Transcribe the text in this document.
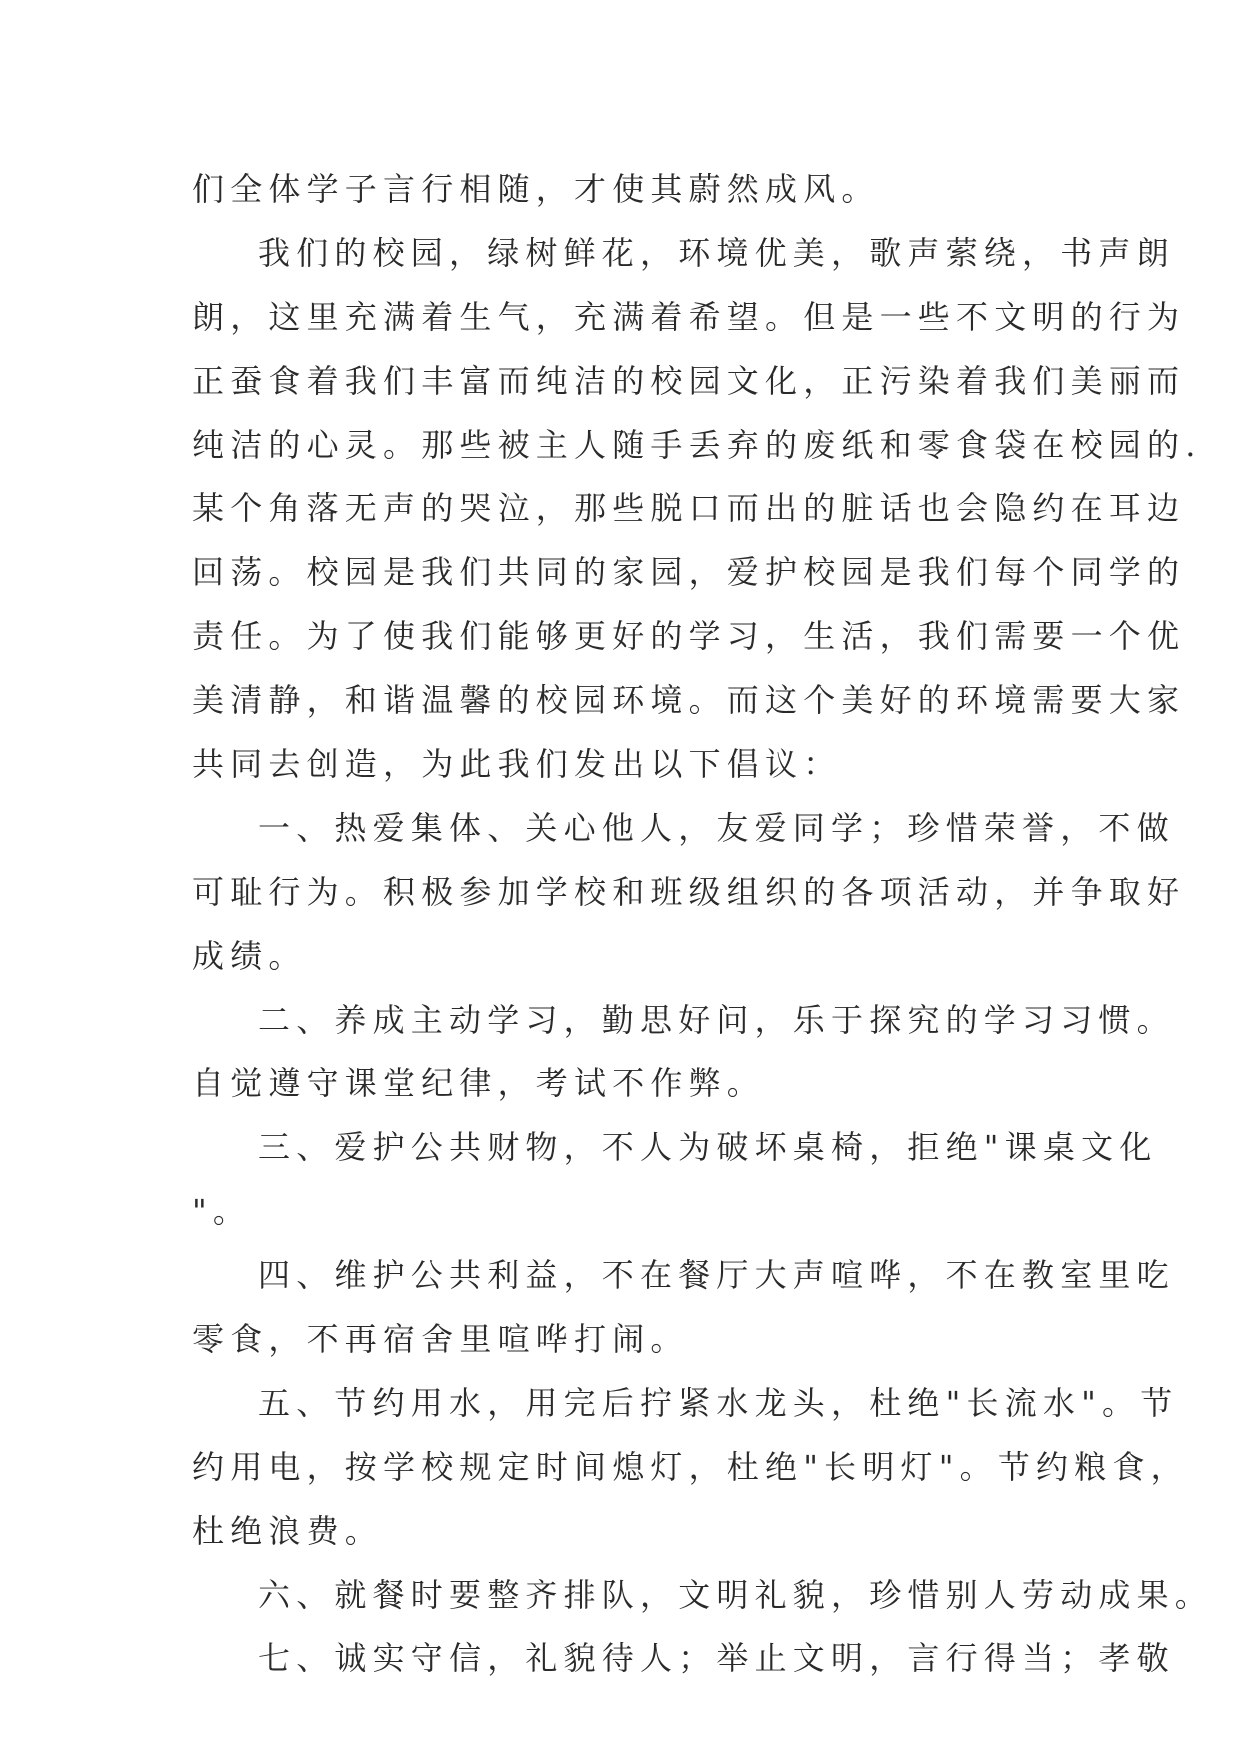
们全体学子言行相随，才使其蔚然成风。
我们的校园，绿树鲜花，环境优美，歌声萦绕，书声朗
朗，这里充满着生气，充满着希望。但是一些不文明的行为
正蚕食着我们丰富而纯洁的校园文化，正污染着我们美丽而
纯洁的心灵。那些被主人随手丢弃的废纸和零食袋在校园的.
某个角落无声的哭泣，那些脱口而出的脏话也会隐约在耳边
回荡。校园是我们共同的家园，爱护校园是我们每个同学的
责任。为了使我们能够更好的学习，生活，我们需要一个优
美清静，和谐温馨的校园环境。而这个美好的环境需要大家
共同去创造，为此我们发出以下倡议：
一、热爱集体、关心他人，友爱同学；珍惜荣誉，不做
可耻行为。积极参加学校和班级组织的各项活动，并争取好
成绩。
二、养成主动学习，勤思好问，乐于探究的学习习惯。
自觉遵守课堂纪律，考试不作弊。
三、爱护公共财物，不人为破坏桌椅，拒绝"课桌文化
"。
四、维护公共利益，不在餐厅大声喧哗，不在教室里吃
零食，不再宿舍里喧哗打闹。
五、节约用水，用完后拧紧水龙头，杜绝"长流水"。节
约用电，按学校规定时间熄灯，杜绝"长明灯"。节约粮食，
杜绝浪费。
六、就餐时要整齐排队，文明礼貌，珍惜别人劳动成果。
七、诚实守信，礼貌待人；举止文明，言行得当；孝敬
